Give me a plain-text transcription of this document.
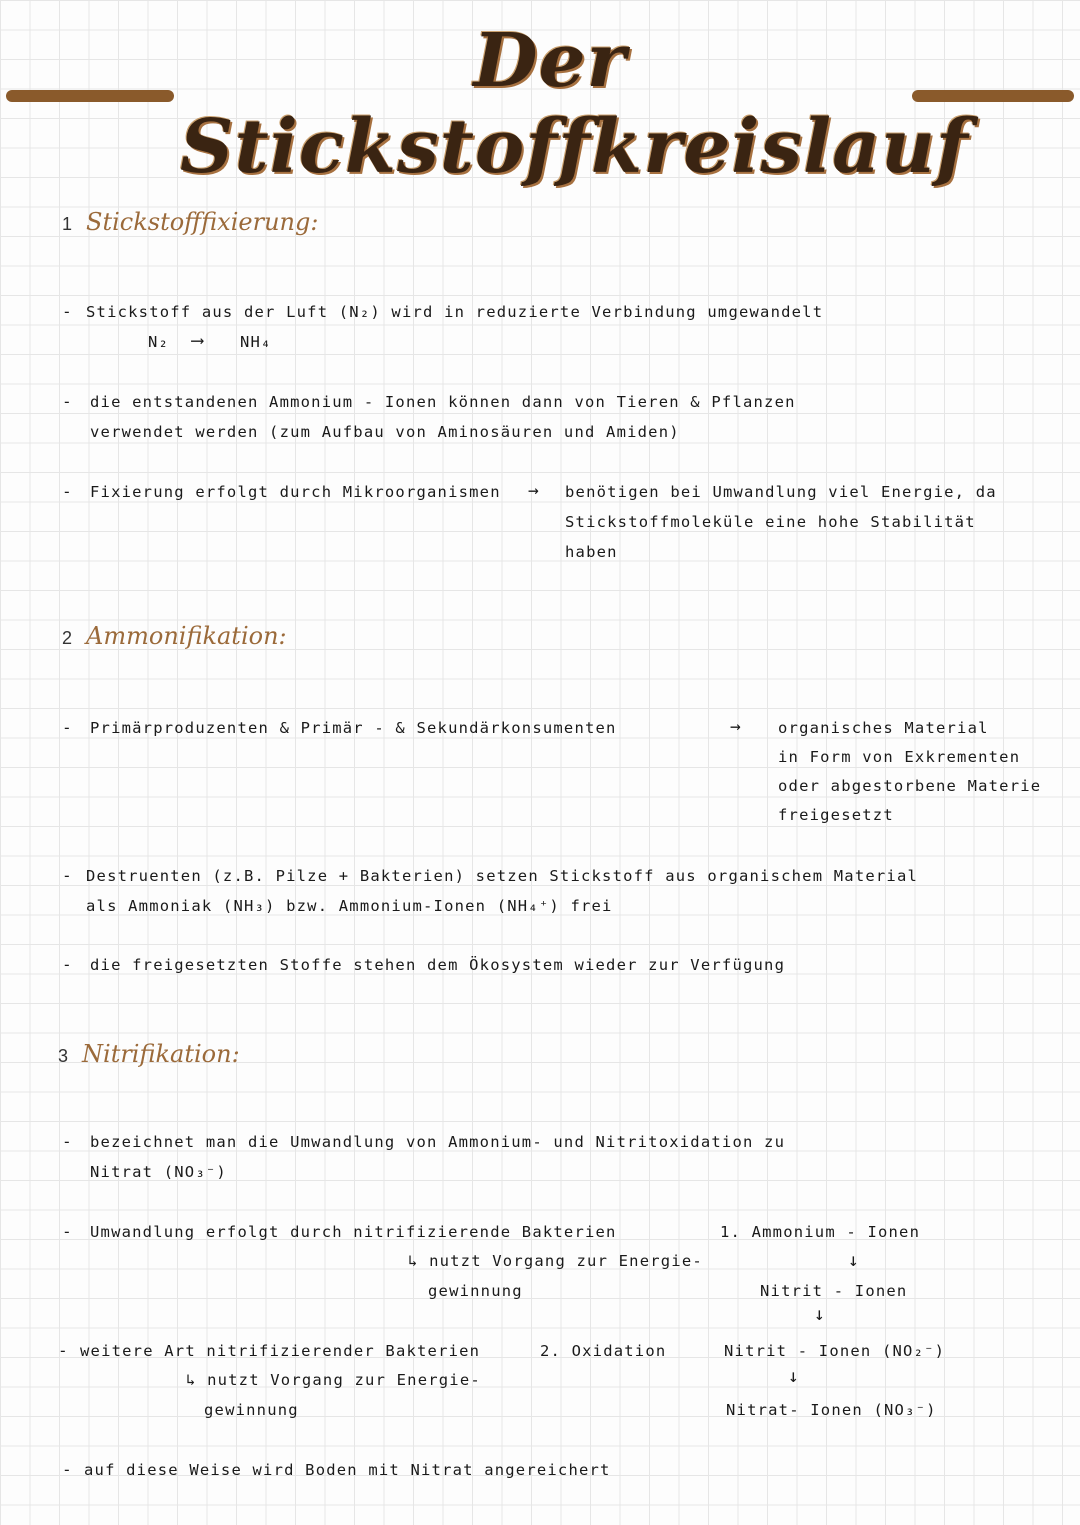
Der Stickstoffkreislauf
1 Stickstofffixierung:
- Stickstoff aus der Luft (N₂) wird in reduzierte Verbindung umgewandelt
N₂ ⟶ NH₄
- die entstandenen Ammonium - Ionen können dann von Tieren & Pflanzen
verwendet werden (zum Aufbau von Aminosäuren und Amiden)
- Fixierung erfolgt durch Mikroorganismen → benötigen bei Umwandlung viel Energie, da
Stickstoffmoleküle eine hohe Stabilität
haben
2 Ammonifikation:
- Primärproduzenten & Primär - & Sekundärkonsumenten	→ organisches Material
in Form von Exkrementen
oder abgestorbene Materie
freigesetzt
- Destruenten (z.B. Pilze + Bakterien) setzen Stickstoff aus organischem Material
als Ammoniak (NH₃) bzw. Ammonium-Ionen (NH₄⁺) frei
- die freigesetzten Stoffe stehen dem Ökosystem wieder zur Verfügung
3 Nitrifikation:
- bezeichnet man die Umwandlung von Ammonium- und Nitritoxidation zu
Nitrat (NO₃⁻)
- Umwandlung erfolgt durch nitrifizierende Bakterien
↳ nutzt Vorgang zur Energie-
gewinnung
1. Ammonium - Ionen
↓
Nitrit - Ionen
↓
- weitere Art nitrifizierender Bakterien
↳ nutzt Vorgang zur Energie-
gewinnung
2. Oxidation	Nitrit - Ionen (NO₂⁻)
↓
Nitrat- Ionen (NO₃⁻)
- auf diese Weise wird Boden mit Nitrat angereichert
